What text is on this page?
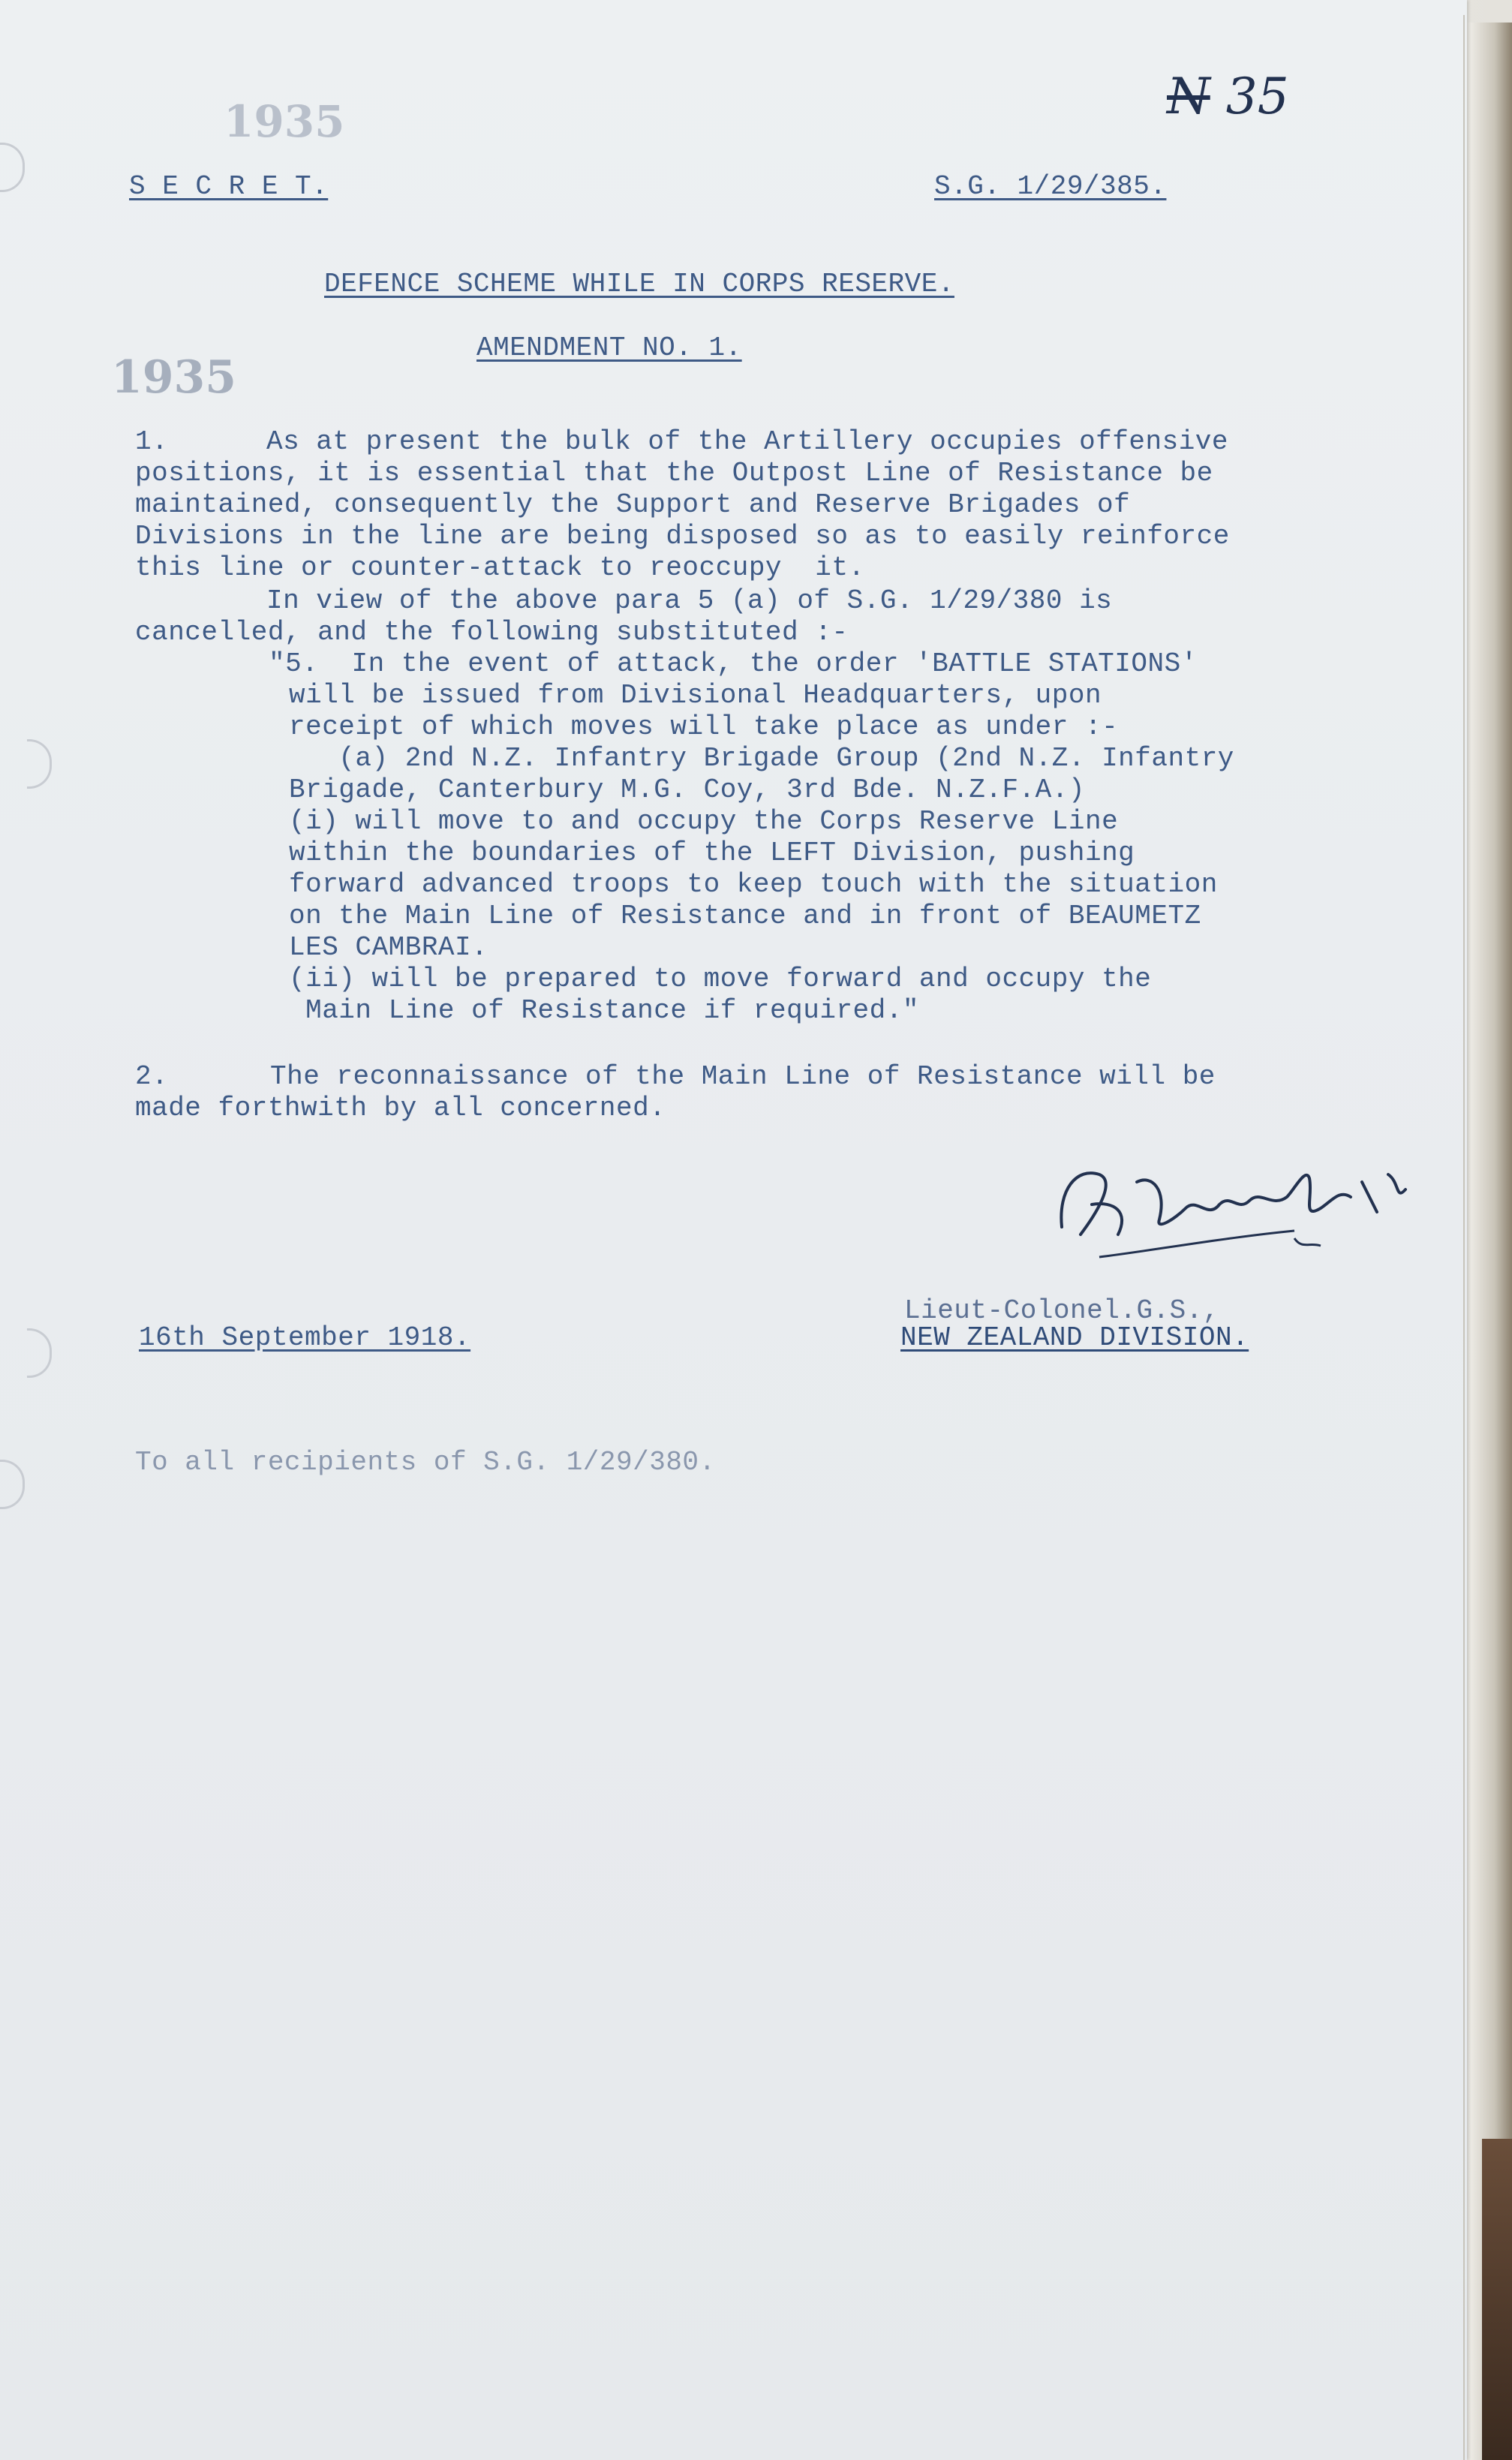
N 35
1935
1935
S E C R E T.	S.G. 1/29/385.
DEFENCE SCHEME WHILE IN CORPS RESERVE.
AMENDMENT NO. 1.
1.	As at present the bulk of the Artillery occupies offensive
positions, it is essential that the Outpost Line of Resistance be
maintained, consequently the Support and Reserve Brigades of
Divisions in the line are being disposed so as to easily reinforce
this line or counter-attack to reoccupy  it.
In view of the above para 5 (a) of S.G. 1/29/380 is
cancelled, and the following substituted :-
"5.  In the event of attack, the order 'BATTLE STATIONS'
will be issued from Divisional Headquarters, upon
receipt of which moves will take place as under :-
(a) 2nd N.Z. Infantry Brigade Group (2nd N.Z. Infantry
Brigade, Canterbury M.G. Coy, 3rd Bde. N.Z.F.A.)
(i) will move to and occupy the Corps Reserve Line
within the boundaries of the LEFT Division, pushing
forward advanced troops to keep touch with the situation
on the Main Line of Resistance and in front of BEAUMETZ
LES CAMBRAI.
(ii) will be prepared to move forward and occupy the
Main Line of Resistance if required."
2.	The reconnaissance of the Main Line of Resistance will be
made forthwith by all concerned.
Lieut-Colonel.G.S.,
NEW ZEALAND DIVISION.
16th September 1918.
To all recipients of S.G. 1/29/380.
